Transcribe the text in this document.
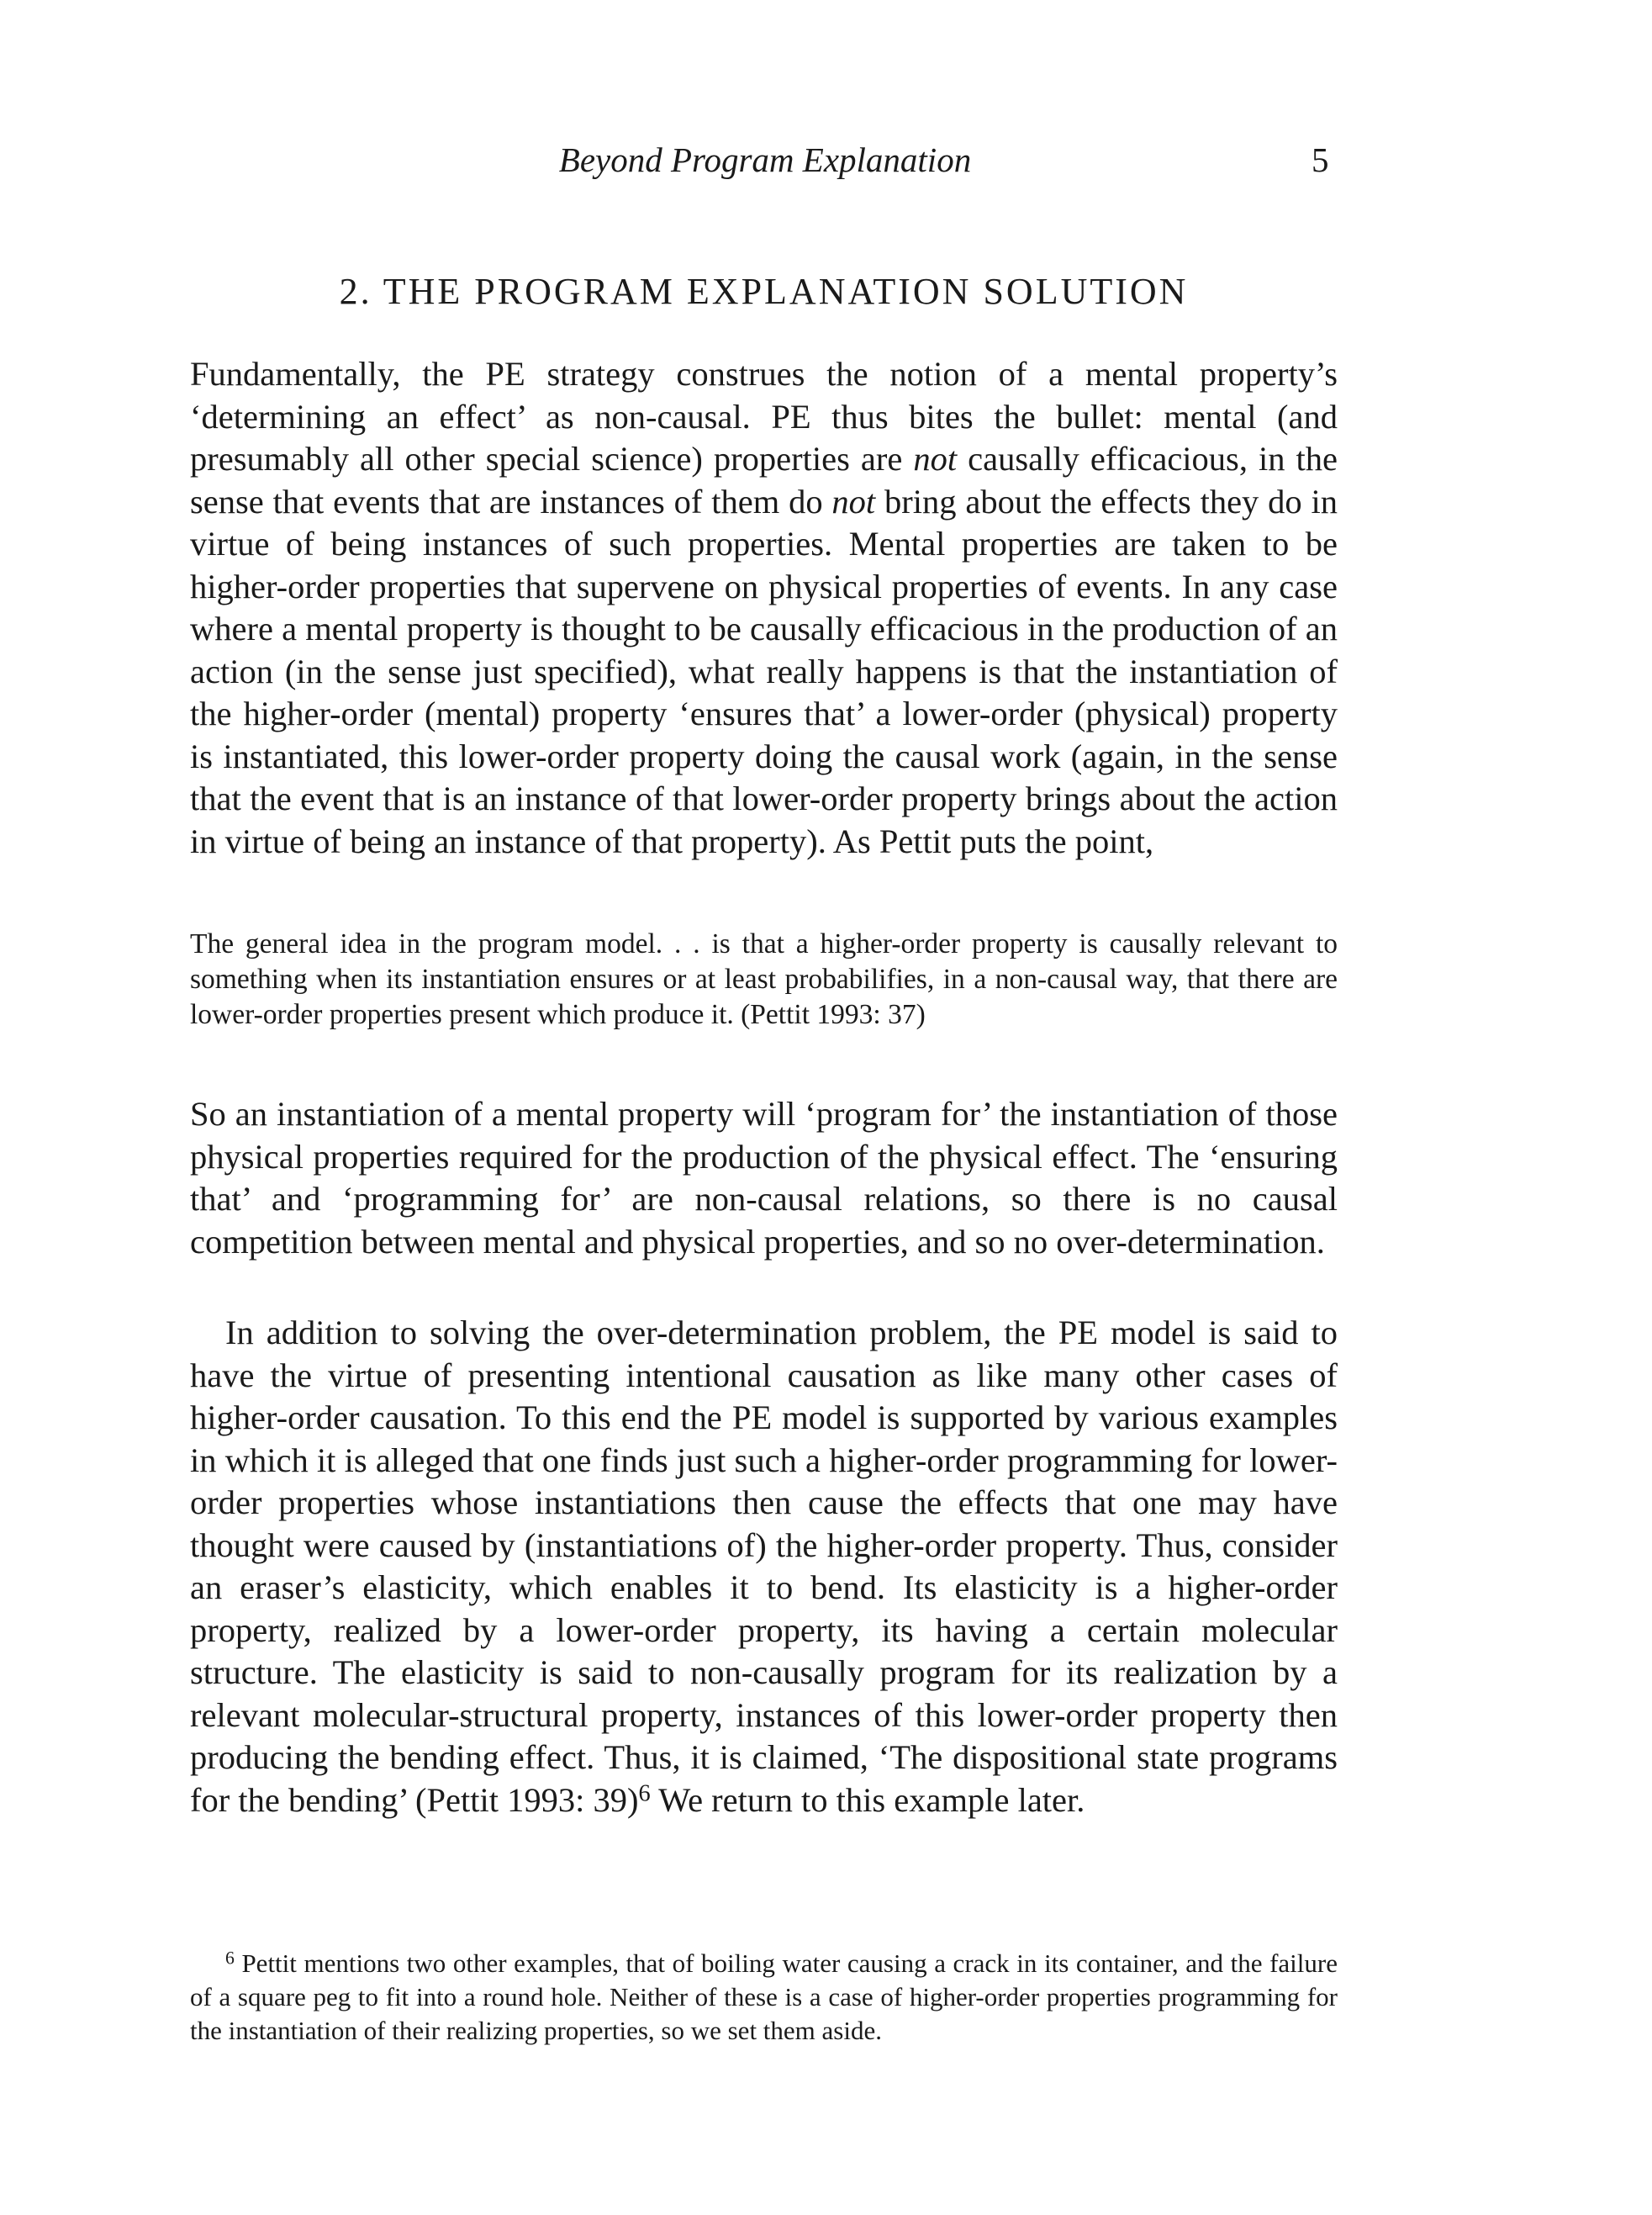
Beyond Program Explanation	5
2. THE PROGRAM EXPLANATION SOLUTION

Fundamentally, the PE strategy construes the notion of a mental property’s ‘determining an effect’ as non-causal. PE thus bites the bullet: mental (and presumably all other special science) properties are not causally efficacious, in the sense that events that are instances of them do not bring about the effects they do in virtue of being instances of such properties. Mental properties are taken to be higher-order properties that supervene on physical properties of events. In any case where a mental property is thought to be causally efficacious in the production of an action (in the sense just specified), what really happens is that the instantiation of the higher-order (mental) property ‘ensures that’ a lower-order (physical) property is instantiated, this lower-order property doing the causal work (again, in the sense that the event that is an instance of that lower-order property brings about the action in virtue of being an instance of that property). As Pettit puts the point,

The general idea in the program model. . . is that a higher-order property is causally relevant to something when its instantiation ensures or at least probabilifies, in a non-causal way, that there are lower-order properties present which produce it. (Pettit 1993: 37)

So an instantiation of a mental property will ‘program for’ the instantiation of those physical properties required for the production of the physical effect. The ‘ensuring that’ and ‘programming for’ are non-causal relations, so there is no causal competition between mental and physical properties, and so no over-determination.

In addition to solving the over-determination problem, the PE model is said to have the virtue of presenting intentional causation as like many other cases of higher-order causation. To this end the PE model is supported by various examples in which it is alleged that one finds just such a higher-order programming for lower-order properties whose instantiations then cause the effects that one may have thought were caused by (instantiations of) the higher-order property. Thus, consider an eraser’s elasticity, which enables it to bend. Its elasticity is a higher-order property, realized by a lower-order property, its having a certain molecular structure. The elasticity is said to non-causally program for its realization by a relevant molecular-structural property, instances of this lower-order property then producing the bending effect. Thus, it is claimed, ‘The dispositional state programs for the bending’ (Pettit 1993: 39)$^6$ We return to this example later.

$^6$ Pettit mentions two other examples, that of boiling water causing a crack in its container, and the failure of a square peg to fit into a round hole. Neither of these is a case of higher-order properties programming for the instantiation of their realizing properties, so we set them aside.
